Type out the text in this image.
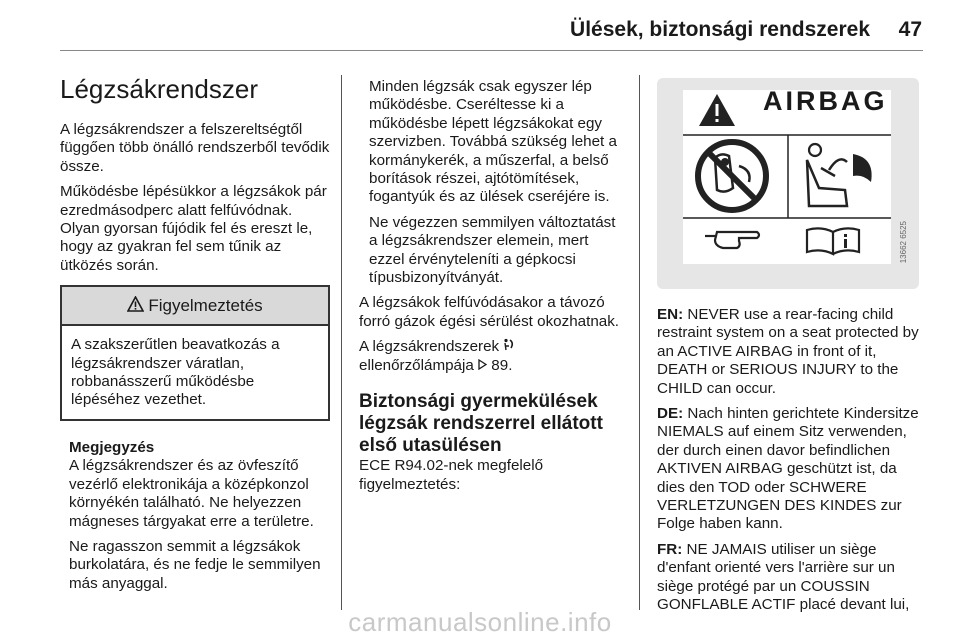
Ülések, biztonsági rendszerek 47
Légzsákrendszer

A légzsákrendszer a felszereltségtől függően több önálló rendszerből tevődik össze.

Működésbe lépésükkor a légzsákok pár ezredmásodperc alatt felfúvódnak. Olyan gyorsan fújódik fel és ereszt le, hogy az gyakran fel sem tűnik az ütközés során.

Figyelmeztetés
A szakszerűtlen beavatkozás a légzsákrendszer váratlan, robbanásszerű működésbe lépéséhez vezethet.
Megjegyzés

A légzsákrendszer és az övfeszítő vezérlő elektronikája a középkonzol környékén található. Ne helyezzen mágneses tárgyakat erre a területre.

Ne ragasszon semmit a légzsákok burkolatára, és ne fedje le semmilyen más anyaggal.

Minden légzsák csak egyszer lép működésbe. Cseréltesse ki a működésbe lépett légzsákokat egy szervizben. Továbbá szükség lehet a kormánykerék, a műszerfal, a belső borítások részei, ajtótömítések, fogantyúk és az ülések cseréjére is.

Ne végezzen semmilyen változtatást a légzsákrendszer elemein, mert ezzel érvényteleníti a gépkocsi típusbizonyítványát.

A légzsákok felfúvódásakor a távozó forró gázok égési sérülést okozhatnak.

A légzsákrendszerek
ellenőrzőlámpája 89.

Biztonsági gyermekülések légzsák rendszerrel ellátott első utasülésen

ECE R94.02-nek megfelelő figyelmeztetés:

AIRBAG
13662 6525

EN: NEVER use a rear-facing child restraint system on a seat protected by an ACTIVE AIRBAG in front of it, DEATH or SERIOUS INJURY to the CHILD can occur.

DE: Nach hinten gerichtete Kindersitze NIEMALS auf einem Sitz verwenden, der durch einen davor befindlichen AKTIVEN AIRBAG geschützt ist, da dies den TOD oder SCHWERE VERLETZUNGEN DES KINDES zur Folge haben kann.

FR: NE JAMAIS utiliser un siège d'enfant orienté vers l'arrière sur un siège protégé par un COUSSIN GONFLABLE ACTIF placé devant lui,

carmanualsonline.info
